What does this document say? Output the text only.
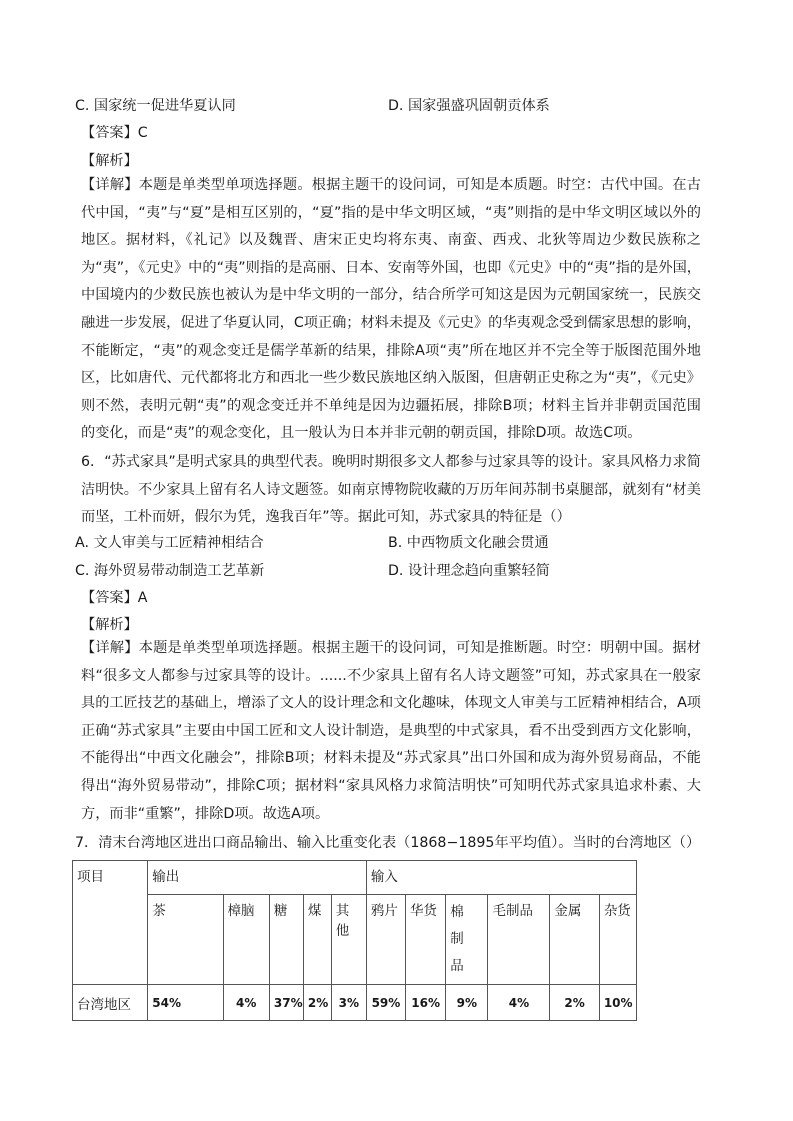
C. 国家统一促进华夏认同	D. 国家强盛巩固朝贡体系
【答案】C
【解析】

【详解】本题是单类型单项选择题。根据主题干的设问词，可知是本质题。时空：古代中国。在古代中国，“夷”与“夏”是相互区别的，“夏”指的是中华文明区域，“夷”则指的是中华文明区域以外的地区。据材料，《礼记》以及魏晋、唐宋正史均将东夷、南蛮、西戎、北狄等周边少数民族称之为“夷”，《元史》中的“夷”则指的是高丽、日本、安南等外国，也即《元史》中的“夷”指的是外国，中国境内的少数民族也被认为是中华文明的一部分，结合所学可知这是因为元朝国家统一，民族交融进一步发展，促进了华夏认同，C项正确；材料未提及《元史》的华夷观念受到儒家思想的影响，不能断定，“夷”的观念变迁是儒学革新的结果，排除A项“夷”所在地区并不完全等于版图范围外地区，比如唐代、元代都将北方和西北一些少数民族地区纳入版图，但唐朝正史称之为“夷”，《元史》则不然，表明元朝“夷”的观念变迁并不单纯是因为边疆拓展，排除B项；材料主旨并非朝贡国范围的变化，而是“夷”的观念变化，且一般认为日本并非元朝的朝贡国，排除D项。故选C项。

6．“苏式家具”是明式家具的典型代表。晚明时期很多文人都参与过家具等的设计。家具风格力求简洁明快。不少家具上留有名人诗文题签。如南京博物院收藏的万历年间苏制书桌腿部，就刻有“材美而坚，工朴而妍，假尔为凭，逸我百年”等。据此可知，苏式家具的特征是（）

A. 文人审美与工匠精神相结合	B. 中西物质文化融会贯通
C. 海外贸易带动制造工艺革新	D. 设计理念趋向重繁轻简
【答案】A
【解析】

【详解】本题是单类型单项选择题。根据主题干的设问词，可知是推断题。时空：明朝中国。据材料“很多文人都参与过家具等的设计。......不少家具上留有名人诗文题签”可知，苏式家具在一般家具的工匠技艺的基础上，增添了文人的设计理念和文化趣味，体现文人审美与工匠精神相结合，A项正确“苏式家具”主要由中国工匠和文人设计制造，是典型的中式家具，看不出受到西方文化影响，不能得出“中西文化融会”，排除B项；材料未提及“苏式家具”出口外国和成为海外贸易商品，不能得出“海外贸易带动”，排除C项；据材料“家具风格力求简洁明快”可知明代苏式家具追求朴素、大方，而非“重繁”，排除D项。故选A项。

7．清末台湾地区进出口商品输出、输入比重变化表（1868−1895年平均值）。当时的台湾地区（）
项目	输出					输入					
	茶	樟脑	糖	煤	其他	鸦片	华货	棉制品	毛制品	金属	杂货
台湾地区	54%	4%	37%	2%	3%	59%	16%	9%	4%	2%	10%
